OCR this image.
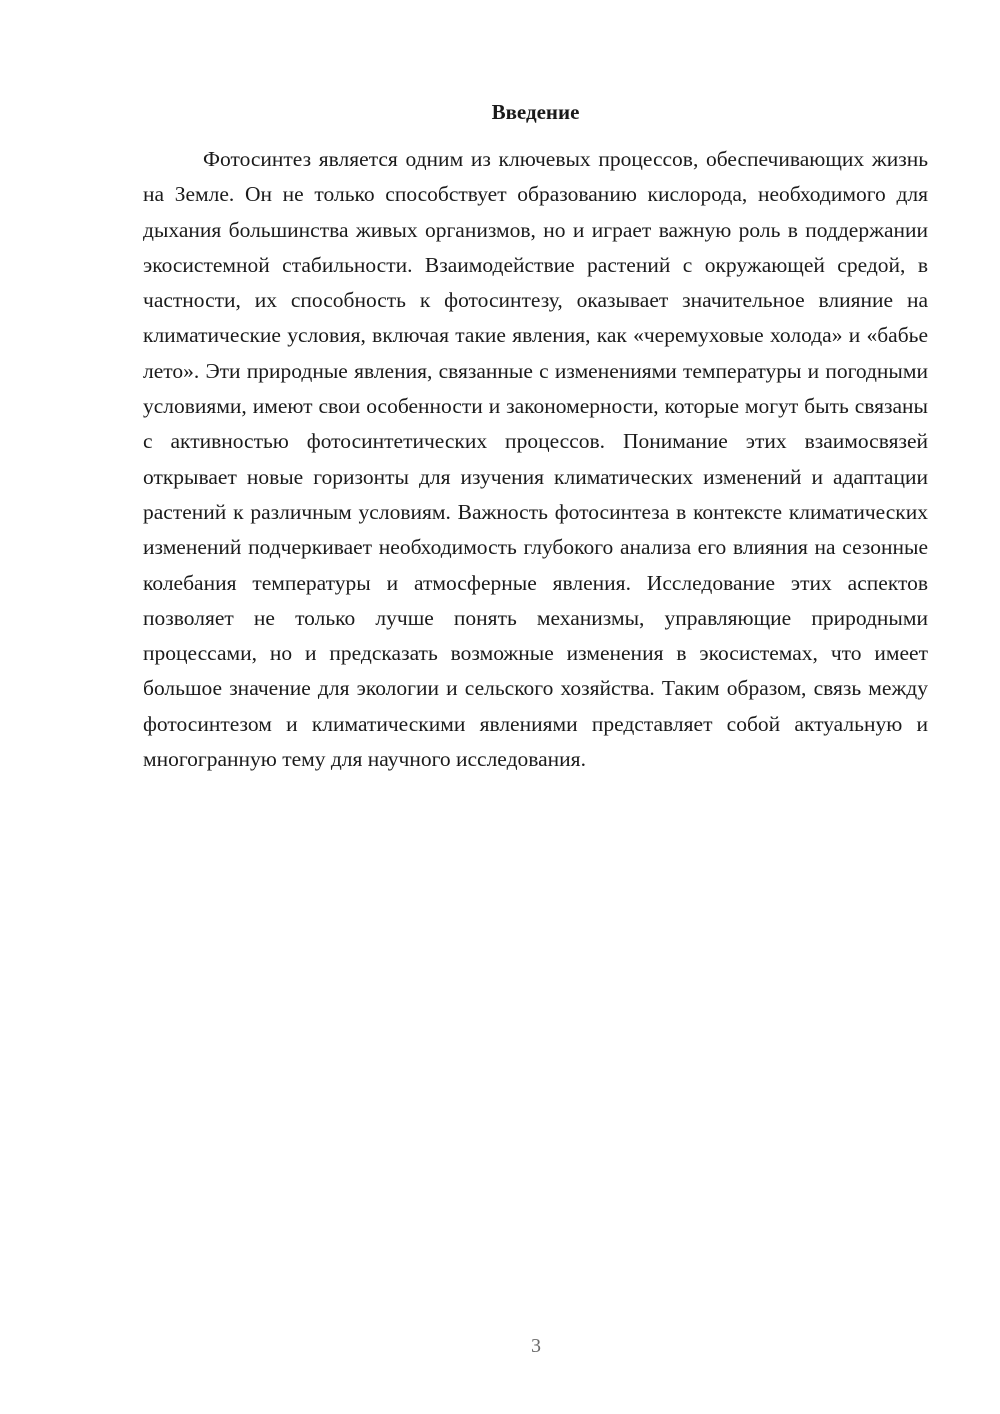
Введение

Фотосинтез является одним из ключевых процессов, обеспечивающих жизнь на Земле. Он не только способствует образованию кислорода, необходимого для дыхания большинства живых организмов, но и играет важную роль в поддержании экосистемной стабильности. Взаимодействие растений с окружающей средой, в частности, их способность к фотосинтезу, оказывает значительное влияние на климатические условия, включая такие явления, как «черемуховые холода» и «бабье лето». Эти природные явления, связанные с изменениями температуры и погодными условиями, имеют свои особенности и закономерности, которые могут быть связаны с активностью фотосинтетических процессов. Понимание этих взаимосвязей открывает новые горизонты для изучения климатических изменений и адаптации растений к различным условиям. Важность фотосинтеза в контексте климатических изменений подчеркивает необходимость глубокого анализа его влияния на сезонные колебания температуры и атмосферные явления. Исследование этих аспектов позволяет не только лучше понять механизмы, управляющие природными процессами, но и предсказать возможные изменения в экосистемах, что имеет большое значение для экологии и сельского хозяйства. Таким образом, связь между фотосинтезом и климатическими явлениями представляет собой актуальную и многогранную тему для научного исследования.

3
